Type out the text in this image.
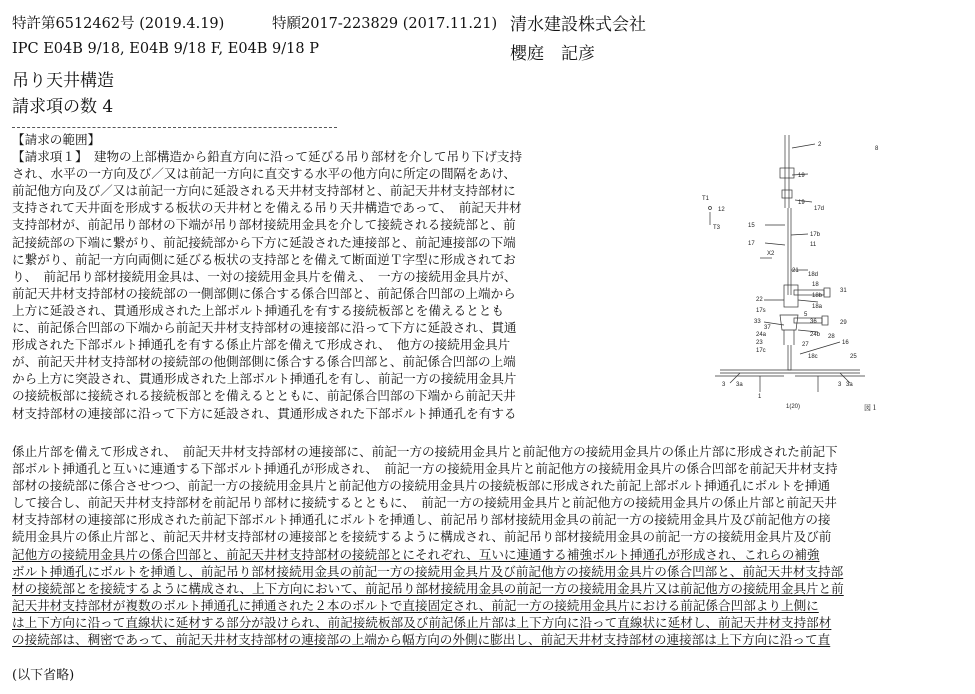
特許第6512462号 (2019.4.19)	特願2017-223829 (2017.11.21) 清水建設株式会社
IPC E04B 9/18, E04B 9/18 F, E04B 9/18 P	櫻庭　記彦
吊り天井構造
請求項の数 4
【請求の範囲】
【請求項１】　建物の上部構造から鉛直方向に沿って延びる吊り部材を介して吊り下げ支持
され、水平の一方向及び／又は前記一方向に直交する水平の他方向に所定の間隔をあけ、
前記他方向及び／又は前記一方向に延設される天井材支持部材と、前記天井材支持部材に
支持されて天井面を形成する板状の天井材とを備える吊り天井構造であって、　前記天井材
支持部材が、前記吊り部材の下端が吊り部材接続用金具を介して接続される接続部と、前
記接続部の下端に繋がり、前記接続部から下方に延設された連接部と、前記連接部の下端
に繋がり、前記一方向両側に延びる板状の支持部とを備えて断面逆Ｔ字型に形成されてお
り、　前記吊り部材接続用金具は、一対の接続用金具片を備え、　一方の接続用金具片が、
前記天井材支持部材の接続部の一側部側に係合する係合凹部と、前記係合凹部の上端から
上方に延設され、貫通形成された上部ボルト挿通孔を有する接続板部とを備えるととも
に、前記係合凹部の下端から前記天井材支持部材の連接部に沿って下方に延設され、貫通
形成された下部ボルト挿通孔を有する係止片部を備えて形成され、　他方の接続用金具片
が、前記天井材支持部材の接続部の他側部側に係合する係合凹部と、前記係合凹部の上端
から上方に突設され、貫通形成された上部ボルト挿通孔を有し、前記一方の接続用金具片
の接続板部に接続される接続板部とを備えるとともに、前記係合凹部の下端から前記天井
材支持部材の連接部に沿って下方に延設され、貫通形成された下部ボルト挿通孔を有する
係止片部を備えて形成され、　前記天井材支持部材の連接部に、前記一方の接続用金具片と前記他方の接続用金具片の係止片部に形成された前記下
部ボルト挿通孔と互いに連通する下部ボルト挿通孔が形成され、　前記一方の接続用金具片と前記他方の接続用金具片の係合凹部を前記天井材支持
部材の接続部に係合させつつ、前記一方の接続用金具片と前記他方の接続用金具片の接続板部に形成された前記上部ボルト挿通孔にボルトを挿通
して接合し、前記天井材支持部材を前記吊り部材に接続するとともに、　前記一方の接続用金具片と前記他方の接続用金具片の係止片部と前記天井
材支持部材の連接部に形成された前記下部ボルト挿通孔にボルトを挿通し、前記吊り部材接続用金具の前記一方の接続用金具片及び前記他方の接
続用金具片の係止片部と、前記天井材支持部材の連接部とを接続するように構成され、前記吊り部材接続用金具の前記一方の接続用金具片及び前
記他方の接続用金具片の係合凹部と、前記天井材支持部材の接続部とにそれぞれ、互いに連通する補強ボルト挿通孔が形成され、これらの補強
ボルト挿通孔にボルトを挿通し、前記吊り部材接続用金具の前記一方の接続用金具片及び前記他方の接続用金具片の係合凹部と、前記天井材支持部
材の接続部とを接続するように構成され、上下方向において、前記吊り部材接続用金具の前記一方の接続用金具片又は前記他方の接続用金具片と前
記天井材支持部材が複数のボルト挿通孔に挿通された２本のボルトで直接固定され、前記一方の接続用金具片における前記係合凹部より上側に
は上下方向に沿って直線状に延材する部分が設けられ、前記接続板部及び前記係止片部は上下方向に沿って直線状に延材し、前記天井材支持部材
の接続部は、稠密であって、前記天井材支持部材の連接部の上端から幅方向の外側に膨出し、前記天井材支持部材の連接部は上下方向に沿って直
(以下省略)
2
8
19
19
17d
T1
12
T3	15
17b
17	11
X2
21
18d
18
18b
22
18a
31
17s
33
5
36
37
24a
29
23
24b
17c
27
28
18c
16
25
3 3a
1
1(20)
3 3a
図１
